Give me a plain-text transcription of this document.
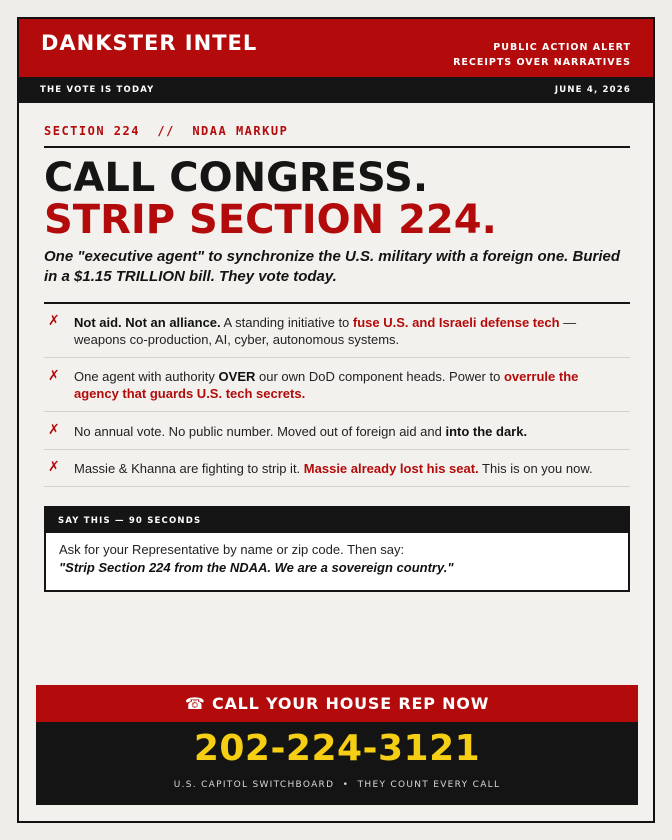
DANKSTER INTEL	PUBLIC ACTION ALERT
RECEIPTS OVER NARRATIVES
THE VOTE IS TODAY	JUNE 4, 2026
SECTION 224  //  NDAA MARKUP
CALL CONGRESS.
STRIP SECTION 224.
One "executive agent" to synchronize the U.S. military with a foreign one. Buried
in a $1.15 TRILLION bill. They vote today.
✗ Not aid. Not an alliance. A standing initiative to fuse U.S. and Israeli defense tech —
weapons co-production, AI, cyber, autonomous systems.
✗ One agent with authority OVER our own DoD component heads. Power to overrule the
agency that guards U.S. tech secrets.
✗ No annual vote. No public number. Moved out of foreign aid and into the dark.
✗ Massie & Khanna are fighting to strip it. Massie already lost his seat. This is on you now.
SAY THIS — 90 SECONDS
Ask for your Representative by name or zip code. Then say:
"Strip Section 224 from the NDAA. We are a sovereign country."
☎ CALL YOUR HOUSE REP NOW
202-224-3121
U.S. CAPITOL SWITCHBOARD  •  THEY COUNT EVERY CALL
